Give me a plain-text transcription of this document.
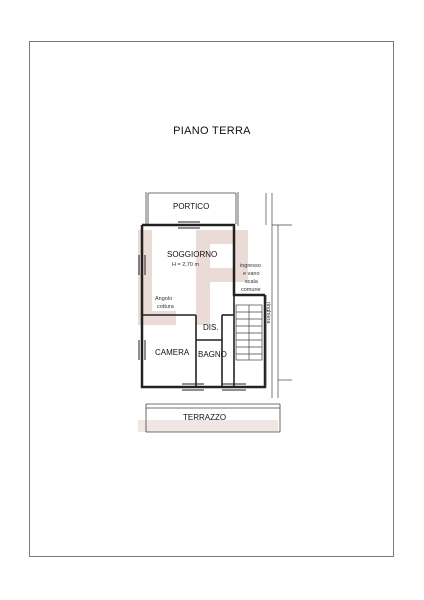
PIANO TERRA
PORTICO
SOGGIORNO
H = 2,70 m
Angolo
cottura
DIS.
CAMERA BAGNO
TERRAZZO
ingresso
e vano
scala
comune
ringhiera
